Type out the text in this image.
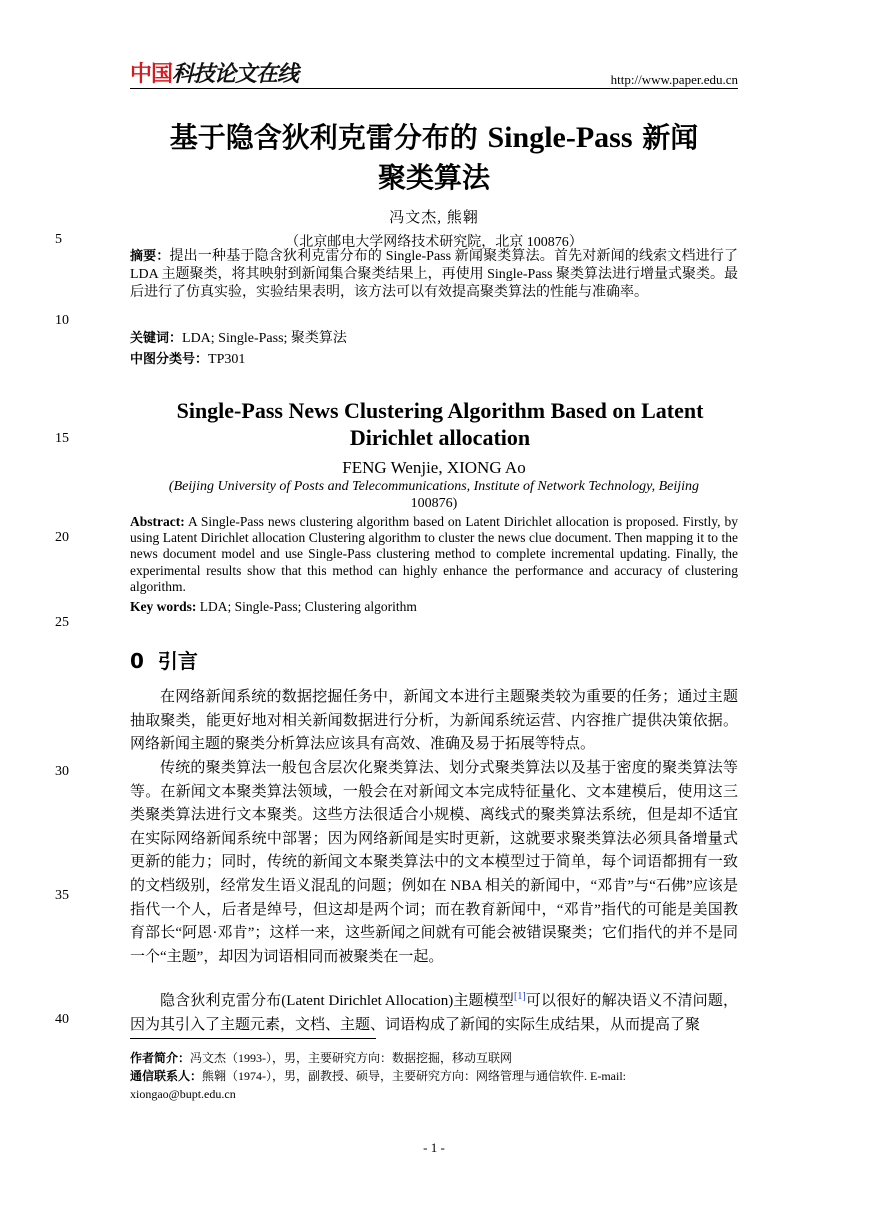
中国科技论文在线	http://www.paper.edu.cn
基于隐含狄利克雷分布的 Single-Pass 新闻
聚类算法
冯文杰, 熊翱
（北京邮电大学网络技术研究院，北京 100876）
5
10
15
20
25
30
35
40
摘要：提出一种基于隐含狄利克雷分布的 Single-Pass 新闻聚类算法。首先对新闻的线索文档进行了 LDA 主题聚类，将其映射到新闻集合聚类结果上，再使用 Single-Pass 聚类算法进行增量式聚类。最后进行了仿真实验，实验结果表明，该方法可以有效提高聚类算法的性能与准确率。
关键词：LDA; Single-Pass; 聚类算法
中图分类号：TP301
Single-Pass News Clustering Algorithm Based on Latent
Dirichlet allocation
FENG Wenjie, XIONG Ao
(Beijing University of Posts and Telecommunications, Institute of Network Technology, Beijing
100876)
Abstract: A Single-Pass news clustering algorithm based on Latent Dirichlet allocation is proposed. Firstly, by using Latent Dirichlet allocation Clustering algorithm to cluster the news clue document. Then mapping it to the news document model and use Single-Pass clustering method to complete incremental updating. Finally, the experimental results show that this method can highly enhance the performance and accuracy of clustering algorithm.
Key words: LDA; Single-Pass; Clustering algorithm
0 引言
在网络新闻系统的数据挖掘任务中，新闻文本进行主题聚类较为重要的任务；通过主题抽取聚类，能更好地对相关新闻数据进行分析，为新闻系统运营、内容推广提供决策依据。网络新闻主题的聚类分析算法应该具有高效、准确及易于拓展等特点。
传统的聚类算法一般包含层次化聚类算法、划分式聚类算法以及基于密度的聚类算法等等。在新闻文本聚类算法领域，一般会在对新闻文本完成特征量化、文本建模后，使用这三类聚类算法进行文本聚类。这些方法很适合小规模、离线式的聚类算法系统，但是却不适宜在实际网络新闻系统中部署；因为网络新闻是实时更新，这就要求聚类算法必须具备增量式更新的能力；同时，传统的新闻文本聚类算法中的文本模型过于简单，每个词语都拥有一致的文档级别，经常发生语义混乱的问题；例如在 NBA 相关的新闻中，“邓肯”与“石佛”应该是指代一个人，后者是绰号，但这却是两个词；而在教育新闻中，“邓肯”指代的可能是美国教育部长“阿恩·邓肯”；这样一来，这些新闻之间就有可能会被错误聚类；它们指代的并不是同一个“主题”，却因为词语相同而被聚类在一起。
隐含狄利克雷分布(Latent Dirichlet Allocation)主题模型[1]可以很好的解决语义不清问题，因为其引入了主题元素，文档、主题、词语构成了新闻的实际生成结果，从而提高了聚
作者简介：冯文杰（1993-），男，主要研究方向：数据挖掘，移动互联网
通信联系人：熊翱（1974-），男，副教授、硕导，主要研究方向：网络管理与通信软件. E-mail:
xiongao@bupt.edu.cn
- 1 -
